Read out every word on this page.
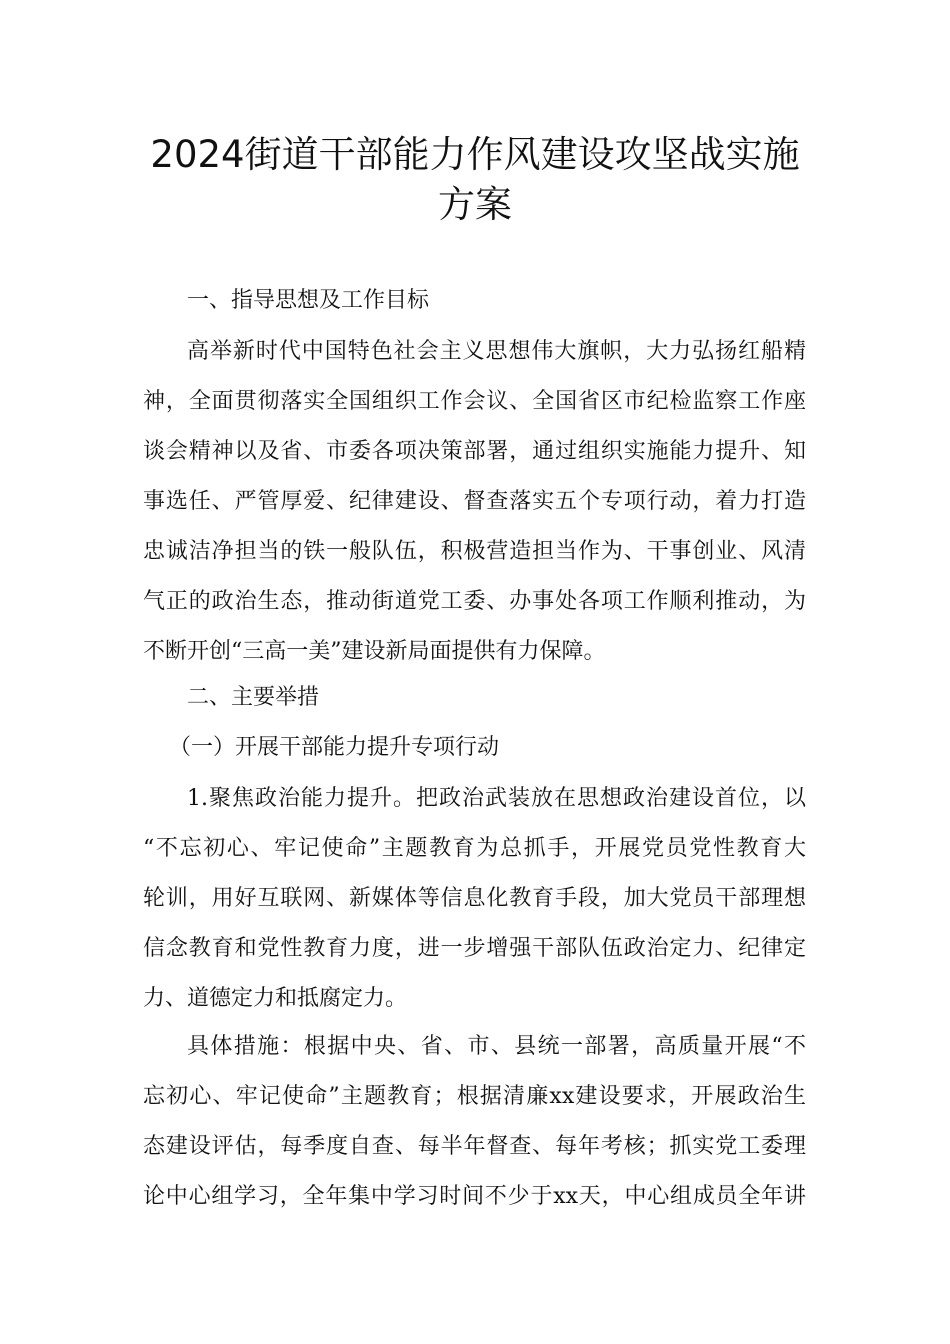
2024街道干部能力作风建设攻坚战实施
方案
一、指导思想及工作目标
高举新时代中国特色社会主义思想伟大旗帜，大力弘扬红船精
神，全面贯彻落实全国组织工作会议、全国省区市纪检监察工作座
谈会精神以及省、市委各项决策部署，通过组织实施能力提升、知
事选任、严管厚爱、纪律建设、督查落实五个专项行动，着力打造
忠诚洁净担当的铁一般队伍，积极营造担当作为、干事创业、风清
气正的政治生态，推动街道党工委、办事处各项工作顺利推动，为
不断开创“三高一美”建设新局面提供有力保障。
二、主要举措
（一）开展干部能力提升专项行动
1.聚焦政治能力提升。把政治武装放在思想政治建设首位，以
“不忘初心、牢记使命”主题教育为总抓手，开展党员党性教育大
轮训，用好互联网、新媒体等信息化教育手段，加大党员干部理想
信念教育和党性教育力度，进一步增强干部队伍政治定力、纪律定
力、道德定力和抵腐定力。
具体措施：根据中央、省、市、县统一部署，高质量开展“不
忘初心、牢记使命”主题教育；根据清廉xx建设要求，开展政治生
态建设评估，每季度自查、每半年督查、每年考核；抓实党工委理
论中心组学习，全年集中学习时间不少于xx天，中心组成员全年讲
